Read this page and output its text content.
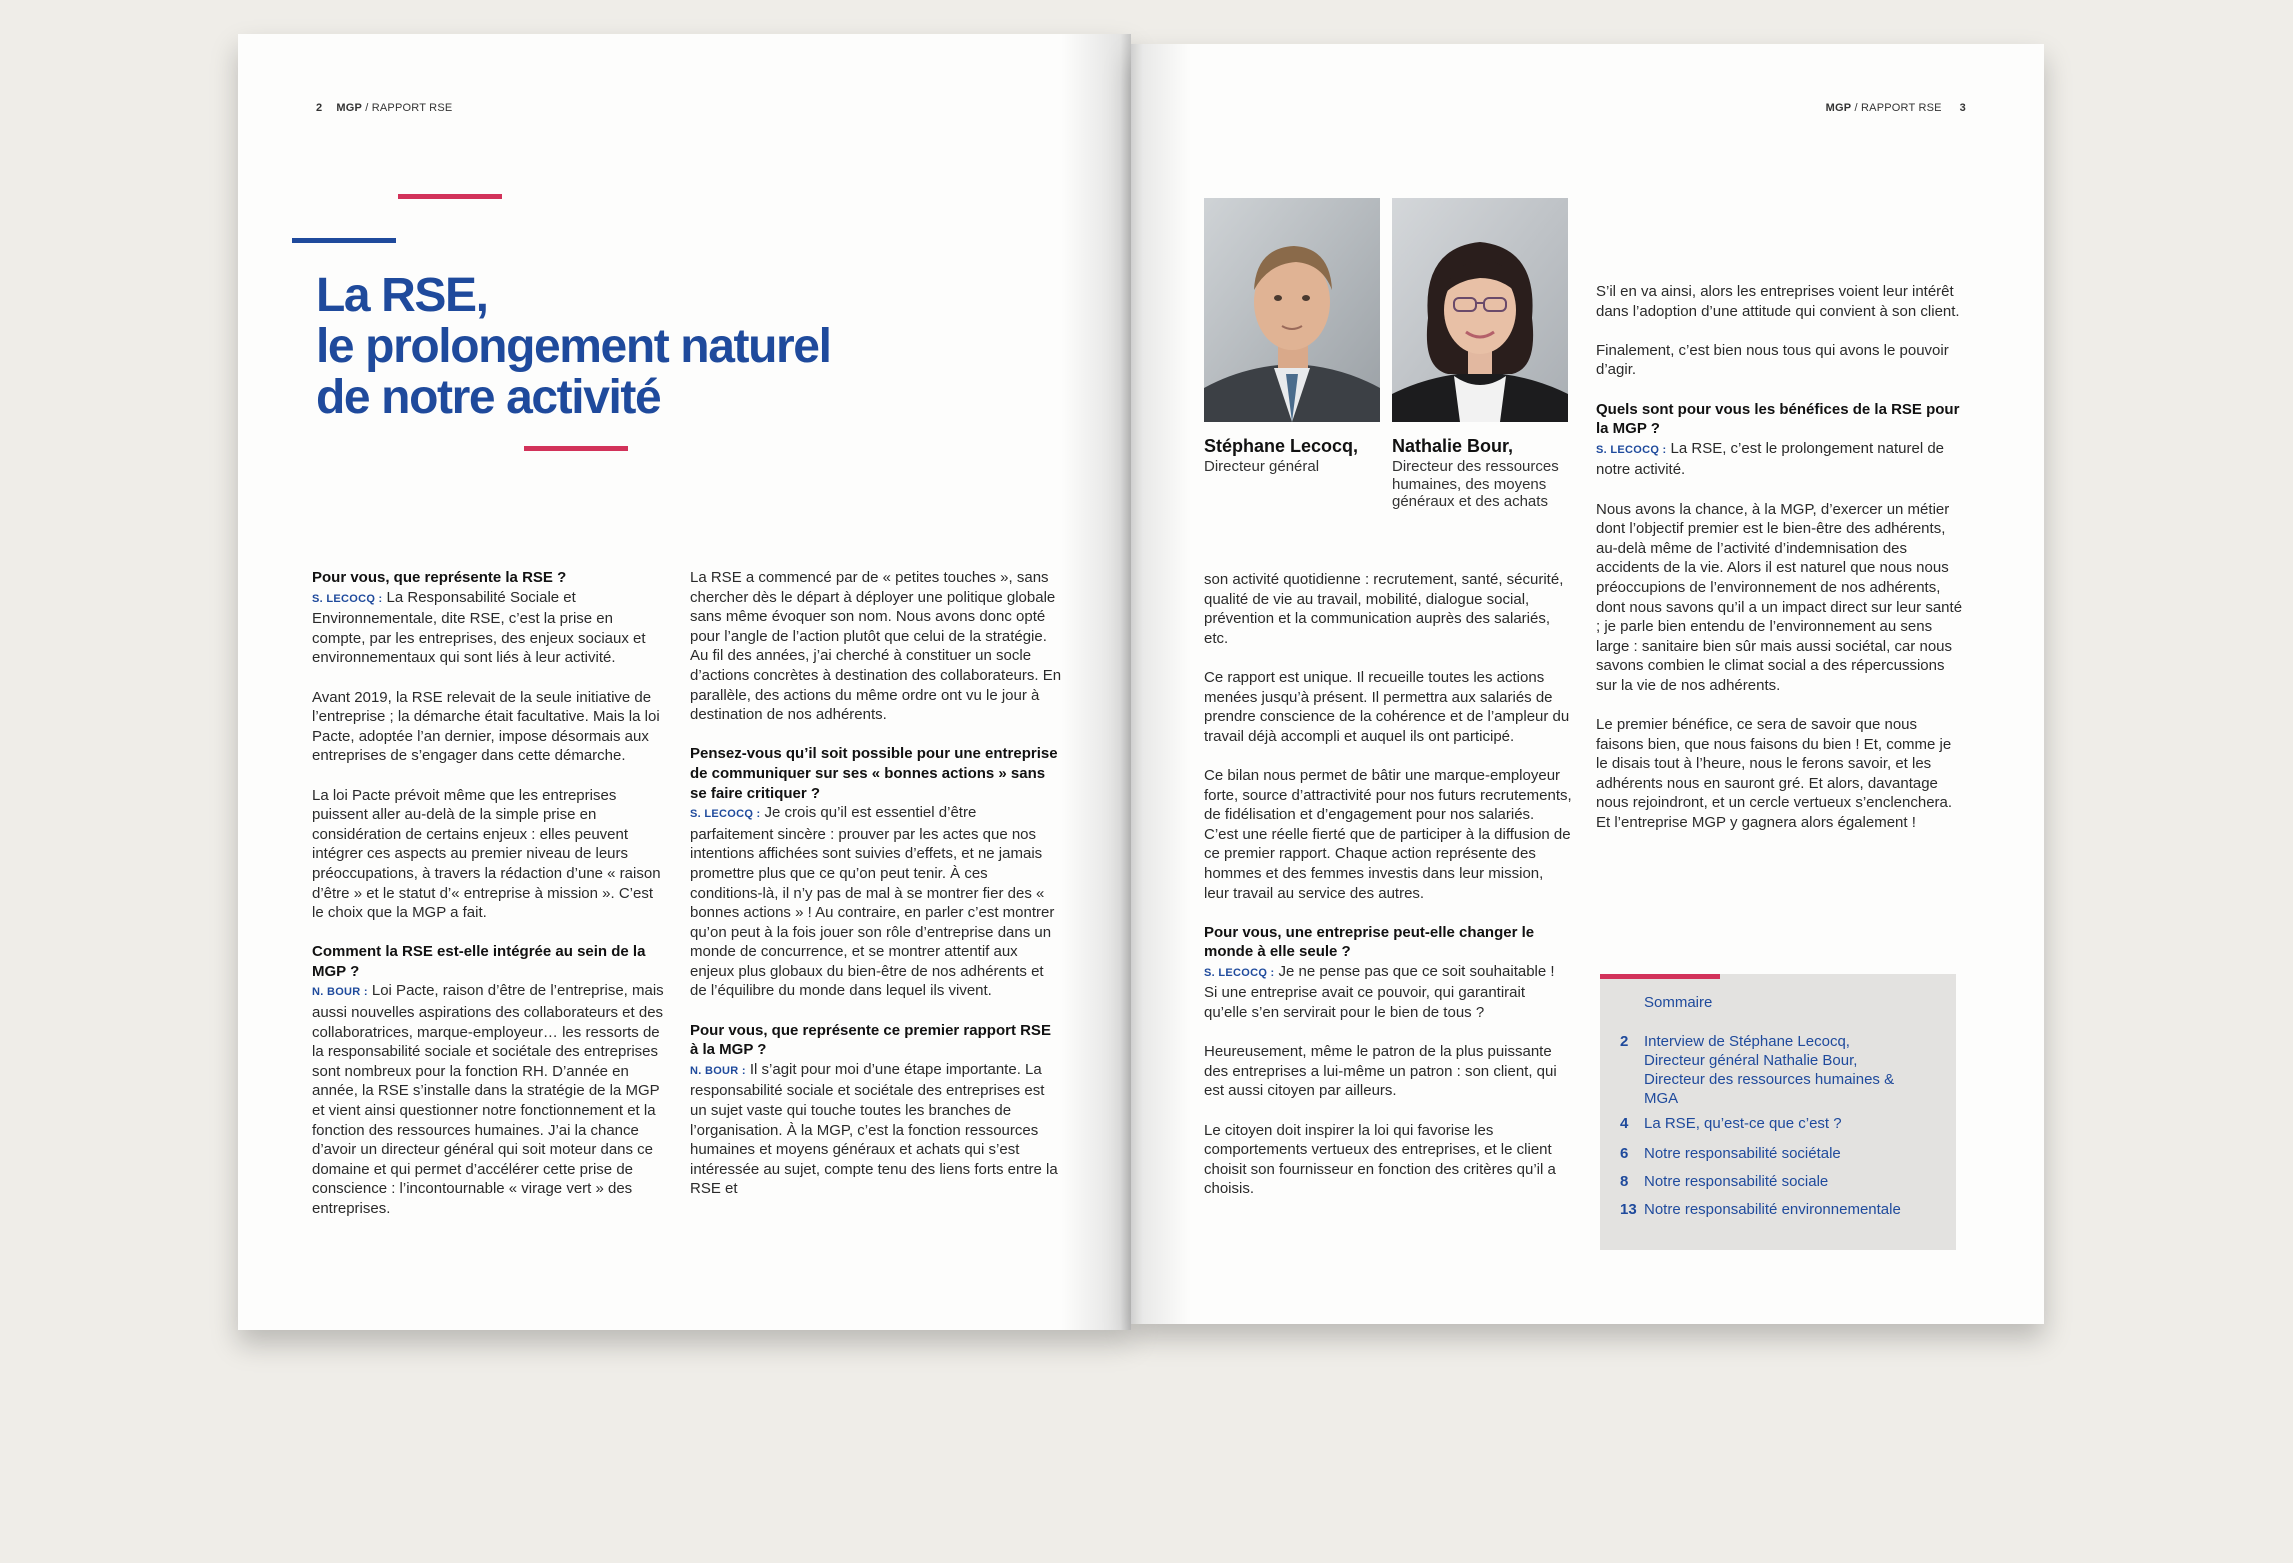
2 MGP / RAPPORT RSE
La RSE,
le prolongement naturel
de notre activité

Pour vous, que représente la RSE ?

S. LECOCQ : La Responsabilité Sociale et Environnementale, dite RSE, c’est la prise en compte, par les entreprises, des enjeux sociaux et environnementaux qui sont liés à leur activité.

Avant 2019, la RSE relevait de la seule initiative de l’entreprise ; la démarche était facultative. Mais la loi Pacte, adoptée l’an dernier, impose désormais aux entreprises de s’engager dans cette démarche.

La loi Pacte prévoit même que les entreprises puissent aller au-delà de la simple prise en considération de certains enjeux : elles peuvent intégrer ces aspects au premier niveau de leurs préoccupations, à travers la rédaction d’une « raison d’être » et le statut d’« entreprise à mission ». C’est le choix que la MGP a fait.

Comment la RSE est-elle intégrée au sein de la MGP ?

N. BOUR : Loi Pacte, raison d’être de l’entreprise, mais aussi nouvelles aspirations des collaborateurs et des collaboratrices, marque-employeur… les ressorts de la responsabilité sociale et sociétale des entreprises sont nombreux pour la fonction RH. D’année en année, la RSE s’installe dans la stratégie de la MGP et vient ainsi questionner notre fonctionnement et la fonction des ressources humaines. J’ai la chance d’avoir un directeur général qui soit moteur dans ce domaine et qui permet d’accélérer cette prise de conscience : l’incontournable « virage vert » des entreprises.

La RSE a commencé par de « petites touches », sans chercher dès le départ à déployer une politique globale sans même évoquer son nom. Nous avons donc opté pour l’angle de l’action plutôt que celui de la stratégie. Au fil des années, j’ai cherché à constituer un socle d’actions concrètes à destination des collaborateurs. En parallèle, des actions du même ordre ont vu le jour à destination de nos adhérents.

Pensez-vous qu’il soit possible pour une entreprise de communiquer sur ses « bonnes actions » sans se faire critiquer ?

S. LECOCQ : Je crois qu’il est essentiel d’être parfaitement sincère : prouver par les actes que nos intentions affichées sont suivies d’effets, et ne jamais promettre plus que ce qu’on peut tenir. À ces conditions-là, il n’y pas de mal à se montrer fier des « bonnes actions » ! Au contraire, en parler c’est montrer qu’on peut à la fois jouer son rôle d’entreprise dans un monde de concurrence, et se montrer attentif aux enjeux plus globaux du bien-être de nos adhérents et de l’équilibre du monde dans lequel ils vivent.

Pour vous, que représente ce premier rapport RSE à la MGP ?

N. BOUR : Il s’agit pour moi d’une étape importante. La responsabilité sociale et sociétale des entreprises est un sujet vaste qui touche toutes les branches de l’organisation. À la MGP, c’est la fonction ressources humaines et moyens généraux et achats qui s’est intéressée au sujet, compte tenu des liens forts entre la RSE et

MGP / RAPPORT RSE 3
Stéphane Lecocq,
Directeur général
Nathalie Bour,
Directeur des ressources humaines, des moyens généraux et des achats

son activité quotidienne : recrutement, santé, sécurité, qualité de vie au travail, mobilité, dialogue social, prévention et la communication auprès des salariés, etc.

Ce rapport est unique. Il recueille toutes les actions menées jusqu’à présent. Il permettra aux salariés de prendre conscience de la cohérence et de l’ampleur du travail déjà accompli et auquel ils ont participé.

Ce bilan nous permet de bâtir une marque-employeur forte, source d’attractivité pour nos futurs recrutements, de fidélisation et d’engagement pour nos salariés. C’est une réelle fierté que de participer à la diffusion de ce premier rapport. Chaque action représente des hommes et des femmes investis dans leur mission, leur travail au service des autres.

Pour vous, une entreprise peut-elle changer le monde à elle seule ?

S. LECOCQ : Je ne pense pas que ce soit souhaitable ! Si une entreprise avait ce pouvoir, qui garantirait qu’elle s’en servirait pour le bien de tous ?

Heureusement, même le patron de la plus puissante des entreprises a lui-même un patron : son client, qui est aussi citoyen par ailleurs.

Le citoyen doit inspirer la loi qui favorise les comportements vertueux des entreprises, et le client choisit son fournisseur en fonction des critères qu’il a choisis.

S’il en va ainsi, alors les entreprises voient leur intérêt dans l’adoption d’une attitude qui convient à son client.

Finalement, c’est bien nous tous qui avons le pouvoir d’agir.

Quels sont pour vous les bénéfices de la RSE pour la MGP ?

S. LECOCQ : La RSE, c’est le prolongement naturel de notre activité.

Nous avons la chance, à la MGP, d’exercer un métier dont l’objectif premier est le bien-être des adhérents, au-delà même de l’activité d’indemnisation des accidents de la vie. Alors il est naturel que nous nous préoccupions de l’environnement de nos adhérents, dont nous savons qu’il a un impact direct sur leur santé ; je parle bien entendu de l’environnement au sens large : sanitaire bien sûr mais aussi sociétal, car nous savons combien le climat social a des répercussions sur la vie de nos adhérents.

Le premier bénéfice, ce sera de savoir que nous faisons bien, que nous faisons du bien ! Et, comme je le disais tout à l’heure, nous le ferons savoir, et les adhérents nous en sauront gré. Et alors, davantage nous rejoindront, et un cercle vertueux s’enclenchera. Et l’entreprise MGP y gagnera alors également !

Sommaire
2 Interview de Stéphane Lecocq, Directeur général Nathalie Bour, Directeur des ressources humaines & MGA
4 La RSE, qu’est-ce que c’est ?
6 Notre responsabilité sociétale
8 Notre responsabilité sociale
13 Notre responsabilité environnementale
